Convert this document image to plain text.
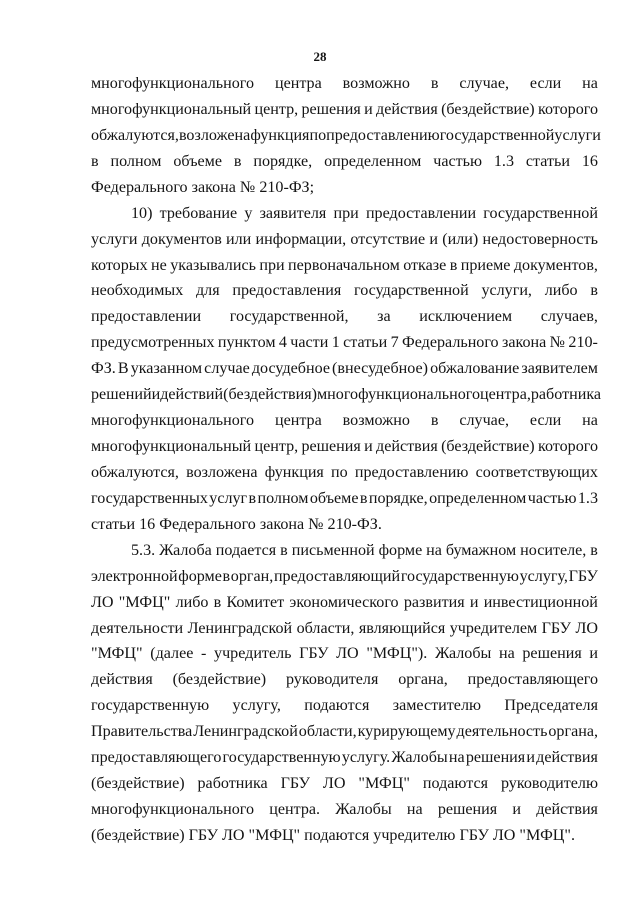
28
многофункционального центра возможно в случае, если на
многофункциональный центр, решения и действия (бездействие) которого
обжалуются, возложена функция по предоставлению государственной услуги
в полном объеме в порядке, определенном частью 1.3 статьи 16
Федерального закона № 210-ФЗ;
10) требование у заявителя при предоставлении государственной
услуги документов или информации, отсутствие и (или) недостоверность
которых не указывались при первоначальном отказе в приеме документов,
необходимых для предоставления государственной услуги, либо в
предоставлении государственной, за исключением случаев,
предусмотренных пунктом 4 части 1 статьи 7 Федерального закона № 210-
ФЗ. В указанном случае досудебное (внесудебное) обжалование заявителем
решений и действий (бездействия) многофункционального центра, работника
многофункционального центра возможно в случае, если на
многофункциональный центр, решения и действия (бездействие) которого
обжалуются, возложена функция по предоставлению соответствующих
государственных услуг в полном объеме в порядке, определенном частью 1.3
статьи 16 Федерального закона № 210-ФЗ.
5.3. Жалоба подается в письменной форме на бумажном носителе, в
электронной форме в орган, предоставляющий государственную услугу, ГБУ
ЛО "МФЦ" либо в Комитет экономического развития и инвестиционной
деятельности Ленинградской области, являющийся учредителем ГБУ ЛО
"МФЦ" (далее - учредитель ГБУ ЛО "МФЦ"). Жалобы на решения и
действия (бездействие) руководителя органа, предоставляющего
государственную услугу, подаются заместителю Председателя
Правительства Ленинградской области, курирующему деятельность органа,
предоставляющего государственную услугу. Жалобы на решения и действия
(бездействие) работника ГБУ ЛО "МФЦ" подаются руководителю
многофункционального центра. Жалобы на решения и действия
(бездействие) ГБУ ЛО "МФЦ" подаются учредителю ГБУ ЛО "МФЦ".
